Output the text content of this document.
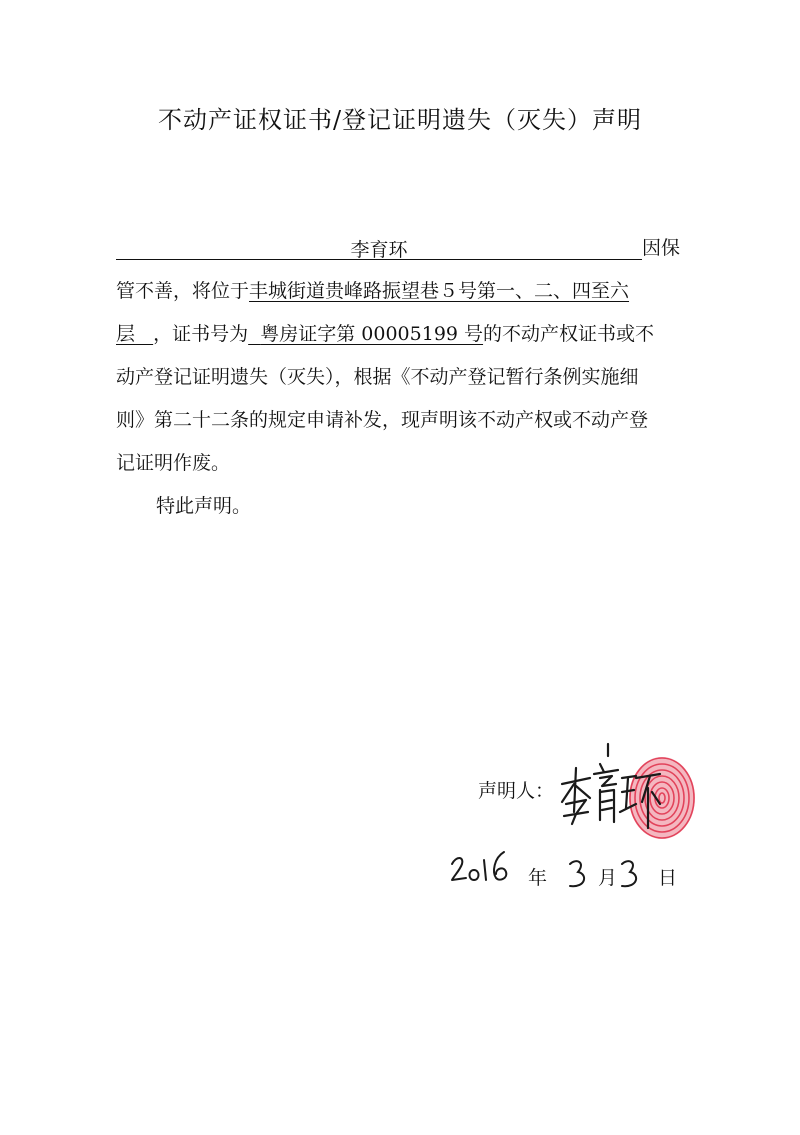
不动产证权证书/登记证明遗失（灭失）声明
李育环	因保
管不善，将位于丰城街道贵峰路振望巷５号第一、二、四至六
层 ，证书号为 粤房证字第 00005199 号的不动产权证书或不
动产登记证明遗失（灭失），根据《不动产登记暂行条例实施细
则》第二十二条的规定申请补发，现声明该不动产权或不动产登
记证明作废。
特此声明。
声明人：
年	月 日
